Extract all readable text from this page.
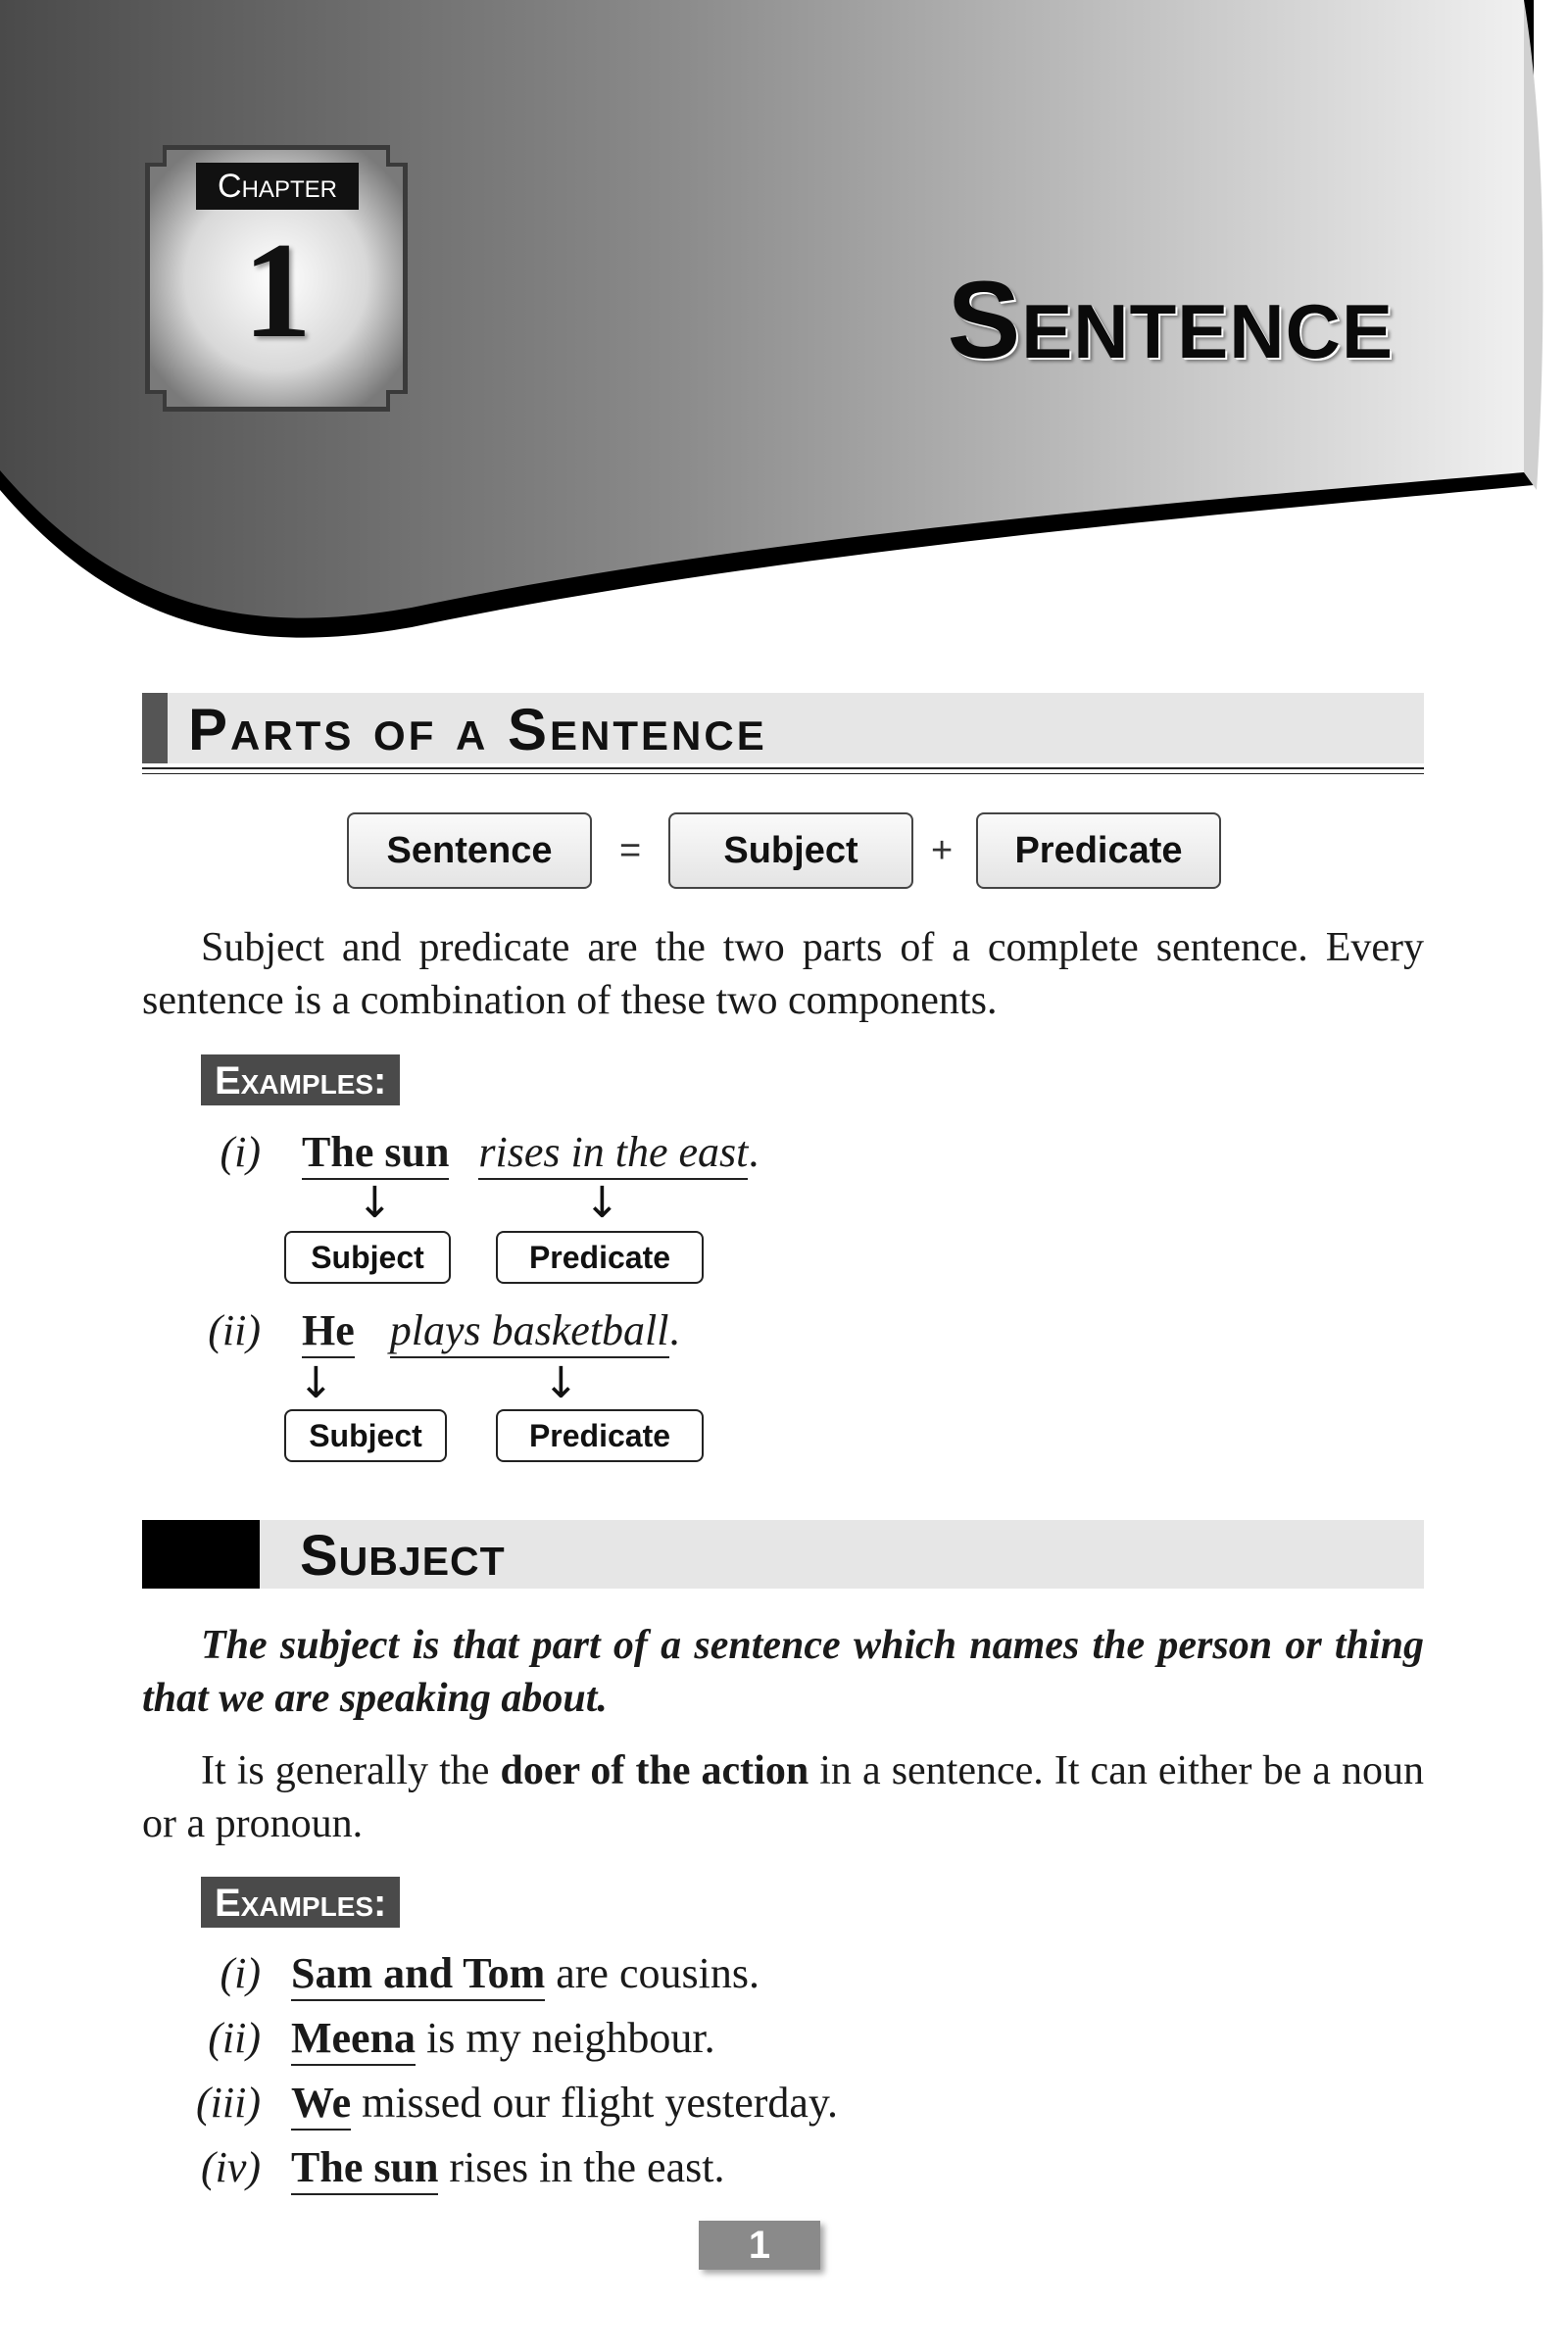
Chapter
1	Sentence
Parts of a Sentence
Sentence	=	Subject	+	Predicate
Subject and predicate are the two parts of a complete sentence. Every sentence is a combination of these two components.
Examples:
(i) The sun rises in the east.
↓	↓
Subject	Predicate
(ii) He plays basketball.
↓	↓
Subject	Predicate
Subject
The subject is that part of a sentence which names the person or thing that we are speaking about.
It is generally the doer of the action in a sentence. It can either be a noun or a pronoun.
Examples:
(i) Sam and Tom are cousins.
(ii) Meena is my neighbour.
(iii) We missed our flight yesterday.
(iv) The sun rises in the east.
1
